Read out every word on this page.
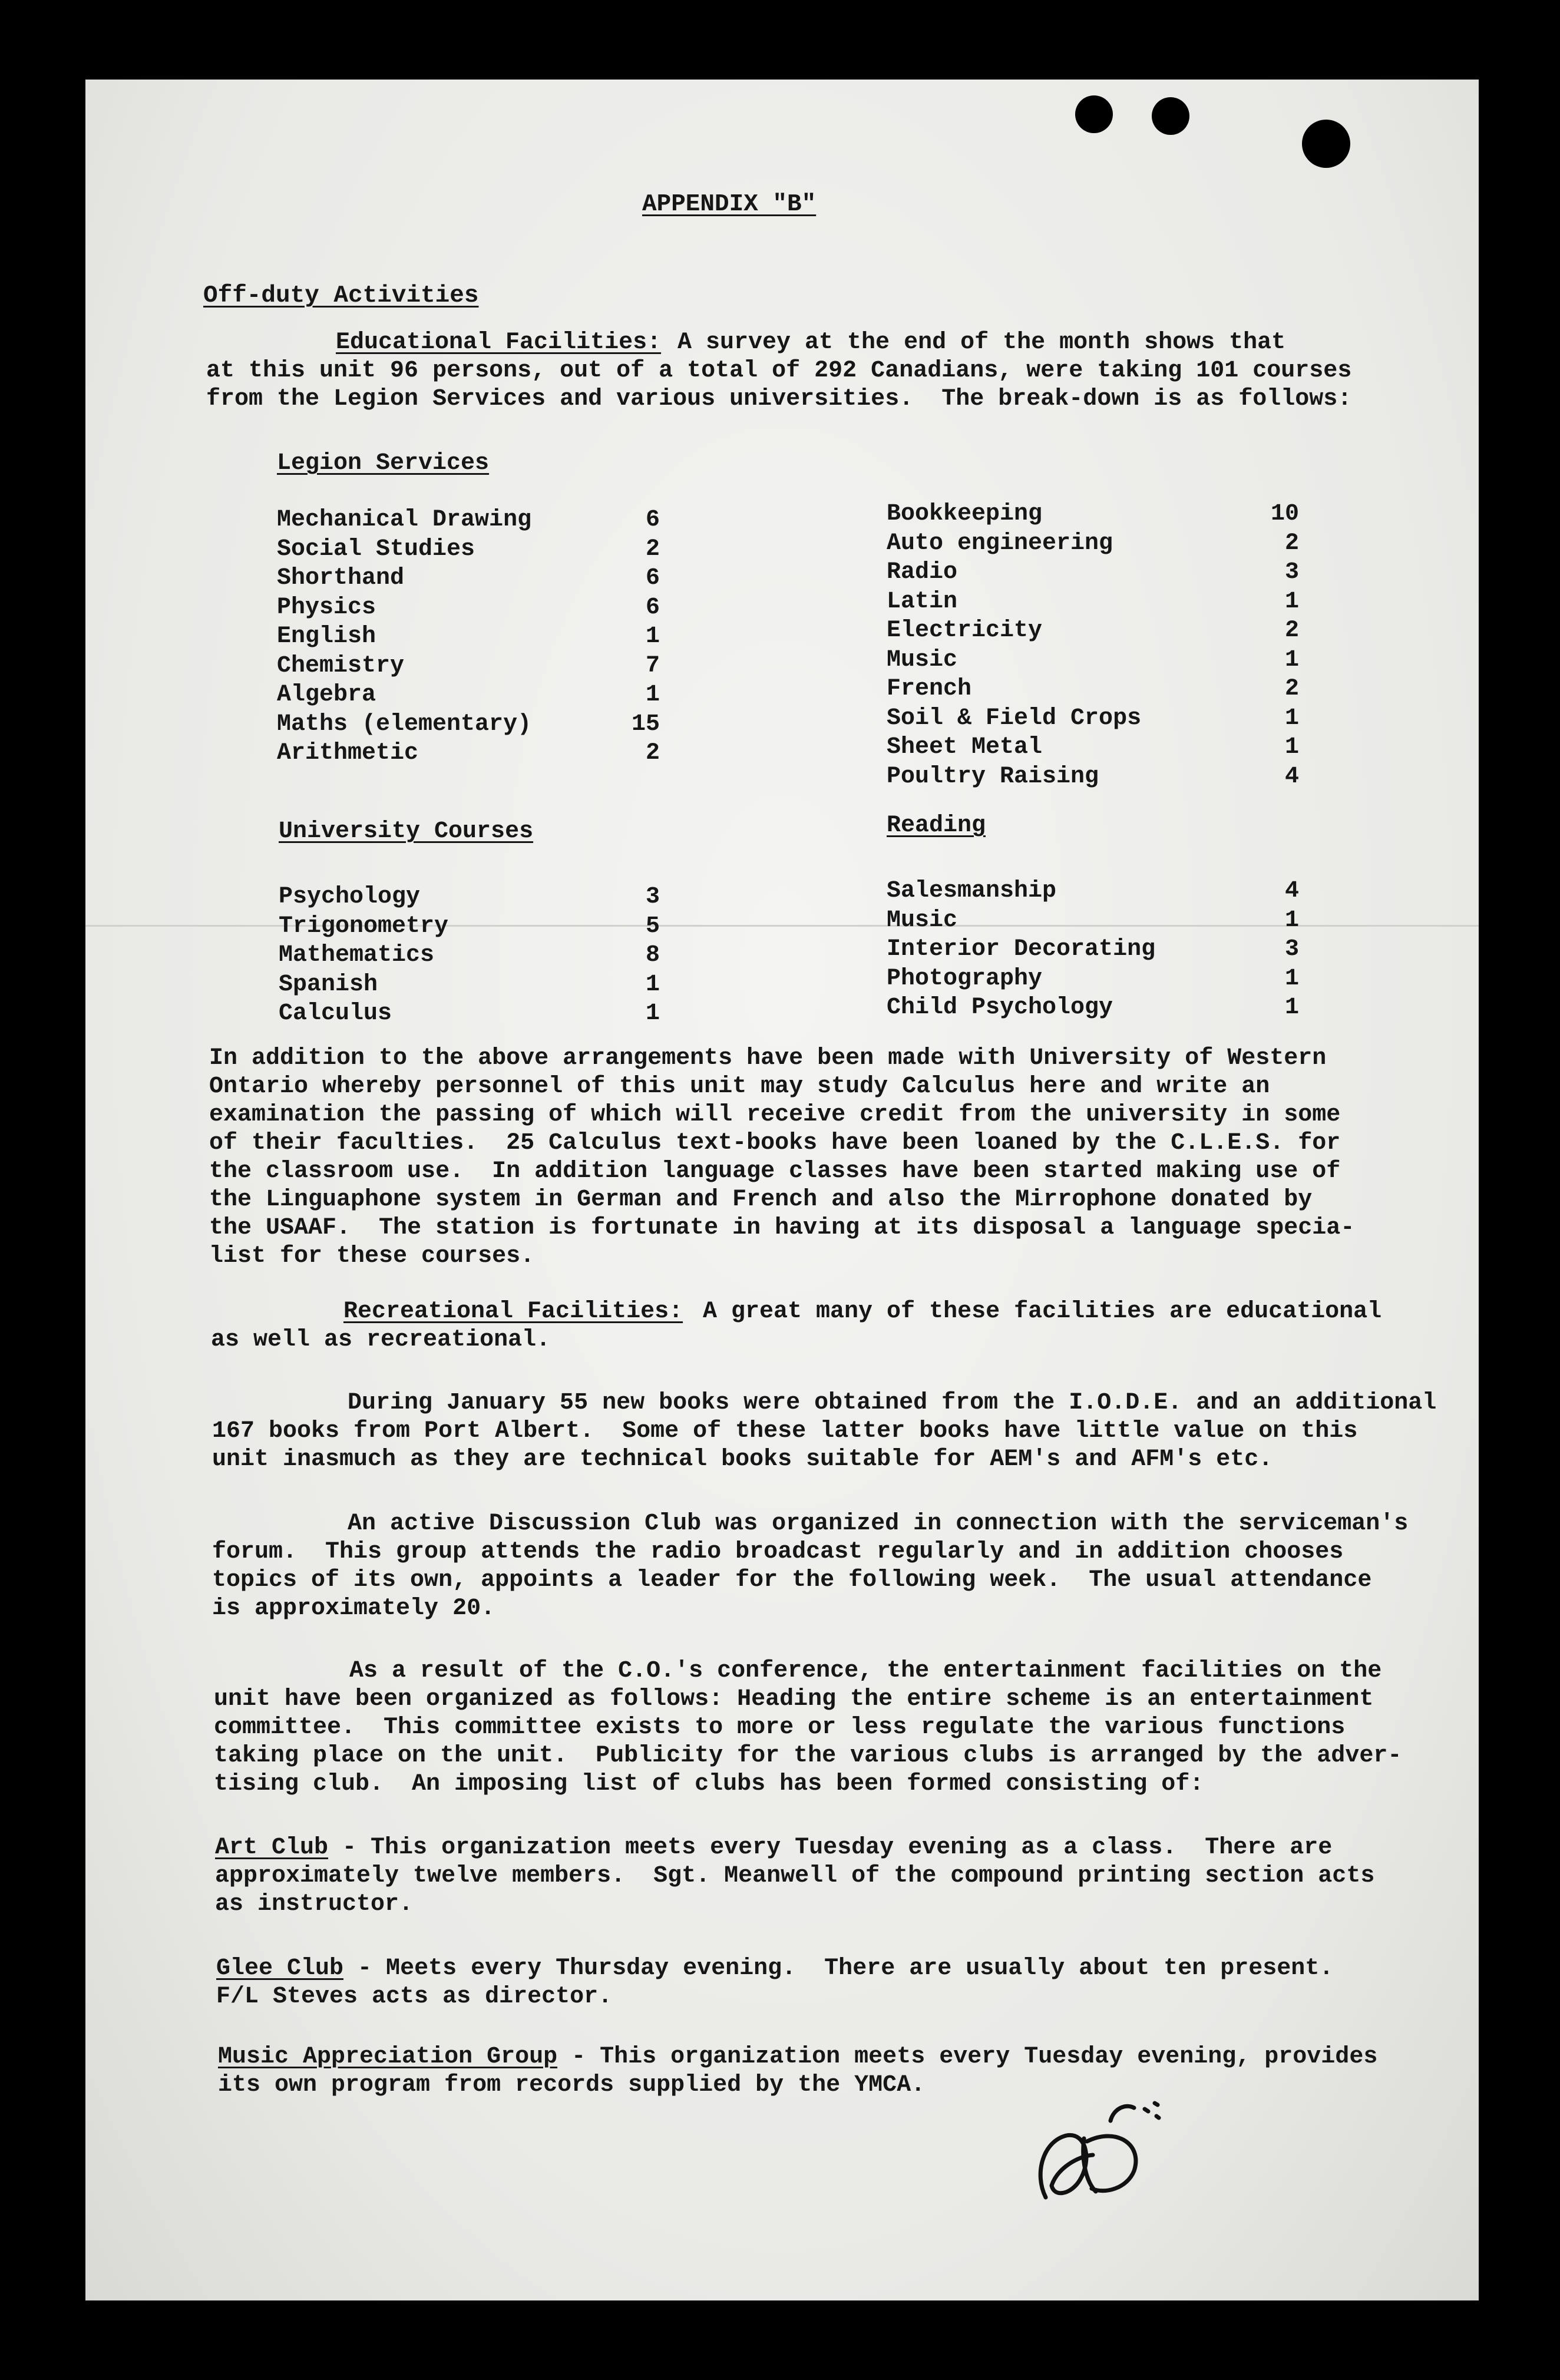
APPENDIX "B"
Off-duty Activities
Educational Facilities: A survey at the end of the month shows that
at this unit 96 persons, out of a total of 292 Canadians, were taking 101 courses
from the Legion Services and various universities.  The break-down is as follows:
Legion Services
Mechanical Drawing	6
Social Studies	2
Shorthand	6
Physics	6
English	1
Chemistry	7
Algebra	1
Maths (elementary)	15
Arithmetic	2
Bookkeeping	10
Auto engineering	2
Radio	3
Latin	1
Electricity	2
Music	1
French	2
Soil & Field Crops	1
Sheet Metal	1
Poultry Raising	4
University Courses	Reading
Psychology	3
Trigonometry	5
Mathematics	8
Spanish	1
Calculus	1
Salesmanship	4
Music	1
Interior Decorating	3
Photography	1
Child Psychology	1
In addition to the above arrangements have been made with University of Western
Ontario whereby personnel of this unit may study Calculus here and write an
examination the passing of which will receive credit from the university in some
of their faculties.  25 Calculus text-books have been loaned by the C.L.E.S. for
the classroom use.  In addition language classes have been started making use of
the Linguaphone system in German and French and also the Mirrophone donated by
the USAAF.  The station is fortunate in having at its disposal a language specia-
list for these courses.
Recreational Facilities: A great many of these facilities are educational
as well as recreational.
During January 55 new books were obtained from the I.O.D.E. and an additional
167 books from Port Albert.  Some of these latter books have little value on this
unit inasmuch as they are technical books suitable for AEM's and AFM's etc.
An active Discussion Club was organized in connection with the serviceman's
forum.  This group attends the radio broadcast regularly and in addition chooses
topics of its own, appoints a leader for the following week.  The usual attendance
is approximately 20.
As a result of the C.O.'s conference, the entertainment facilities on the
unit have been organized as follows: Heading the entire scheme is an entertainment
committee.  This committee exists to more or less regulate the various functions
taking place on the unit.  Publicity for the various clubs is arranged by the adver-
tising club.  An imposing list of clubs has been formed consisting of:
Art Club - This organization meets every Tuesday evening as a class.  There are
approximately twelve members.  Sgt. Meanwell of the compound printing section acts
as instructor.
Glee Club - Meets every Thursday evening.  There are usually about ten present.
F/L Steves acts as director.
Music Appreciation Group - This organization meets every Tuesday evening, provides
its own program from records supplied by the YMCA.
